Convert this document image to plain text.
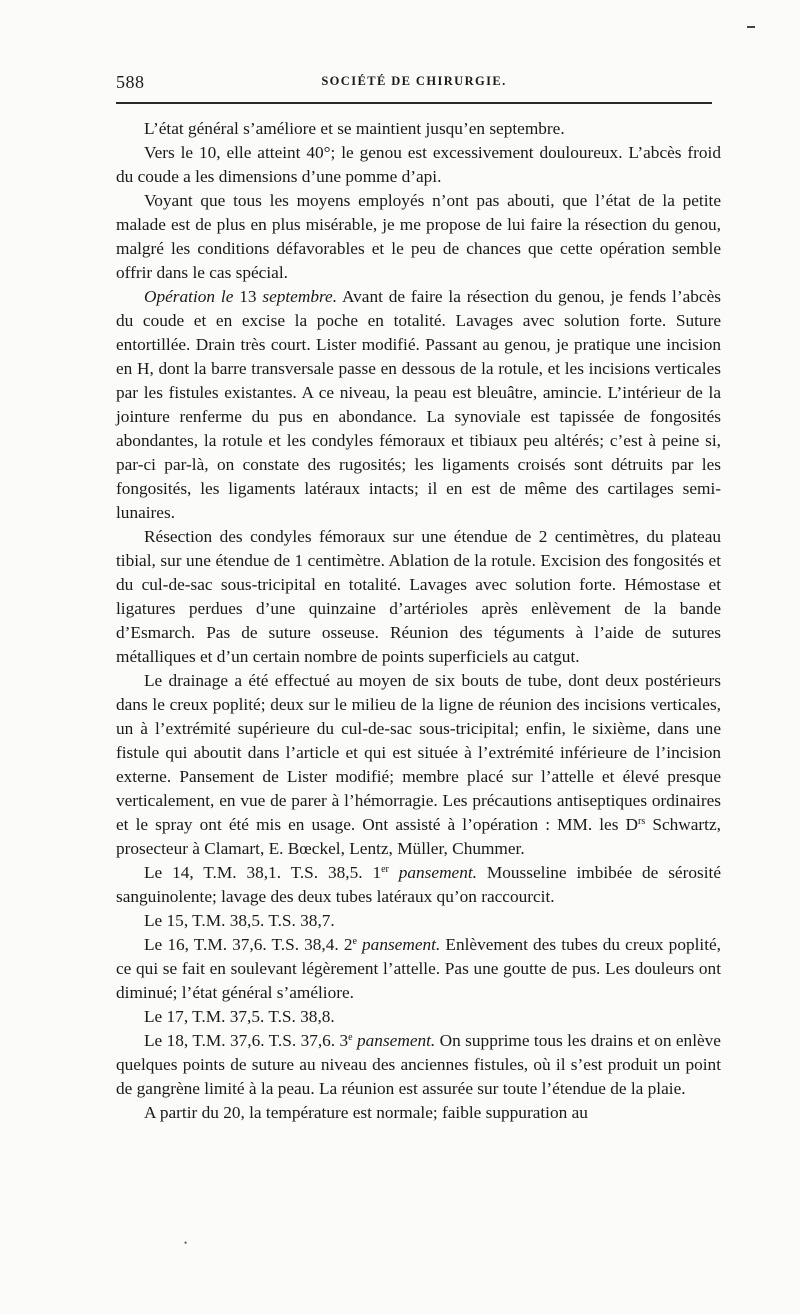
588	SOCIÉTÉ DE CHIRURGIE.

L’état général s’améliore et se maintient jusqu’en septembre.

Vers le 10, elle atteint 40°; le genou est excessivement douloureux. L’abcès froid du coude a les dimensions d’une pomme d’api.

Voyant que tous les moyens employés n’ont pas abouti, que l’état de la petite malade est de plus en plus misérable, je me propose de lui faire la résection du genou, malgré les conditions défavorables et le peu de chances que cette opération semble offrir dans le cas spécial.

Opération le 13 septembre. Avant de faire la résection du genou, je fends l’abcès du coude et en excise la poche en totalité. Lavages avec solution forte. Suture entortillée. Drain très court. Lister modifié. Passant au genou, je pratique une incision en H, dont la barre transversale passe en dessous de la rotule, et les incisions verticales par les fistules existantes. A ce niveau, la peau est bleuâtre, amincie. L’intérieur de la jointure renferme du pus en abondance. La synoviale est tapissée de fongosités abondantes, la rotule et les condyles fémoraux et tibiaux peu altérés; c’est à peine si, par-ci par-là, on constate des rugosités; les ligaments croisés sont détruits par les fongosités, les ligaments latéraux intacts; il en est de même des cartilages semi-lunaires.

Résection des condyles fémoraux sur une étendue de 2 centimètres, du plateau tibial, sur une étendue de 1 centimètre. Ablation de la rotule. Excision des fongosités et du cul-de-sac sous-tricipital en totalité. Lavages avec solution forte. Hémostase et ligatures perdues d’une quinzaine d’artérioles après enlèvement de la bande d’Esmarch. Pas de suture osseuse. Réunion des téguments à l’aide de sutures métalliques et d’un certain nombre de points superficiels au catgut.

Le drainage a été effectué au moyen de six bouts de tube, dont deux postérieurs dans le creux poplité; deux sur le milieu de la ligne de réunion des incisions verticales, un à l’extrémité supérieure du cul-de-sac sous-tricipital; enfin, le sixième, dans une fistule qui aboutit dans l’article et qui est située à l’extrémité inférieure de l’incision externe. Pansement de Lister modifié; membre placé sur l’attelle et élevé presque verticalement, en vue de parer à l’hémorragie. Les précautions antiseptiques ordinaires et le spray ont été mis en usage. Ont assisté à l’opération : MM. les $D^{rs}$ Schwartz, prosecteur à Clamart, E. Bœckel, Lentz, Müller, Chummer.

Le 14, T.M. 38,1. T.S. 38,5. 1er pansement. Mousseline imbibée de sérosité sanguinolente; lavage des deux tubes latéraux qu’on raccourcit.

Le 15, T.M. 38,5. T.S. 38,7.

Le 16, T.M. 37,6. T.S. 38,4. 2e pansement. Enlèvement des tubes du creux poplité, ce qui se fait en soulevant légèrement l’attelle. Pas une goutte de pus. Les douleurs ont diminué; l’état général s’améliore.

Le 17, T.M. 37,5. T.S. 38,8.

Le 18, T.M. 37,6. T.S. 37,6. 3e pansement. On supprime tous les drains et on enlève quelques points de suture au niveau des anciennes fistules, où il s’est produit un point de gangrène limité à la peau. La réunion est assurée sur toute l’étendue de la plaie.

A partir du 20, la température est normale; faible suppuration au

•
